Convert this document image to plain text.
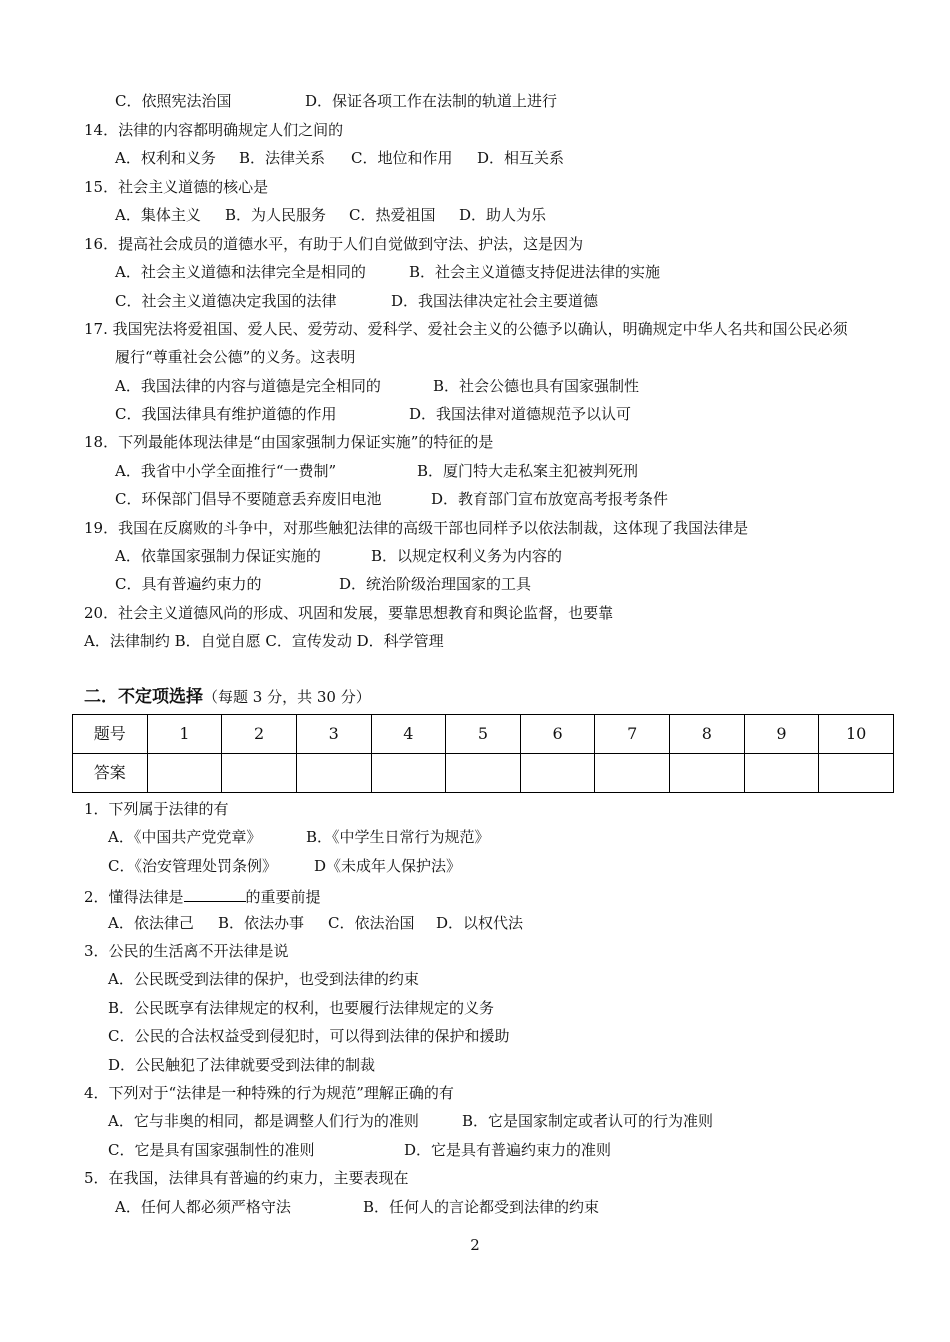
C．依照宪法治国	D．保证各项工作在法制的轨道上进行
14．法律的内容都明确规定人们之间的
A．权利和义务 B．法律关系 C．地位和作用 D．相互关系
15．社会主义道德的核心是
A．集体主义 B．为人民服务 C．热爱祖国 D．助人为乐
16．提高社会成员的道德水平，有助于人们自觉做到守法、护法，这是因为
A．社会主义道德和法律完全是相同的	B．社会主义道德支持促进法律的实施
C．社会主义道德决定我国的法律	D．我国法律决定社会主要道德
17. 我国宪法将爱祖国、爱人民、爱劳动、爱科学、爱社会主义的公德予以确认，明确规定中华人名共和国公民必须
履行“尊重社会公德”的义务。这表明
A．我国法律的内容与道德是完全相同的	B．社会公德也具有国家强制性
C．我国法律具有维护道德的作用	D．我国法律对道德规范予以认可
18．下列最能体现法律是“由国家强制力保证实施”的特征的是
A．我省中小学全面推行“一费制”	B．厦门特大走私案主犯被判死刑
C．环保部门倡导不要随意丢弃废旧电池	D．教育部门宣布放宽高考报考条件
19．我国在反腐败的斗争中，对那些触犯法律的高级干部也同样予以依法制裁，这体现了我国法律是
A．依靠国家强制力保证实施的	B．以规定权利义务为内容的
C．具有普遍约束力的	D．统治阶级治理国家的工具
20．社会主义道德风尚的形成、巩固和发展，要靠思想教育和舆论监督，也要靠
A．法律制约 B．自觉自愿 C．宣传发动 D．科学管理
二．不定项选择（每题 3 分，共 30 分）
题号	1	2	3	4	5	6	7	8	9	10
答案										
1．下列属于法律的有
A．《中国共产党党章》	B．《中学生日常行为规范》
C．《治安管理处罚条例》 D《未成年人保护法》
2．懂得法律是	的重要前提
A．依法律己 B．依法办事 C．依法治国 D．以权代法
3．公民的生活离不开法律是说
A．公民既受到法律的保护，也受到法律的约束
B．公民既享有法律规定的权利，也要履行法律规定的义务
C．公民的合法权益受到侵犯时，可以得到法律的保护和援助
D．公民触犯了法律就要受到法律的制裁
4．下列对于“法律是一种特殊的行为规范”理解正确的有
A．它与非奥的相同，都是调整人们行为的准则	B．它是国家制定或者认可的行为准则
C．它是具有国家强制性的准则	D．它是具有普遍约束力的准则
5．在我国，法律具有普遍的约束力，主要表现在
A．任何人都必须严格守法	B．任何人的言论都受到法律的约束
2
